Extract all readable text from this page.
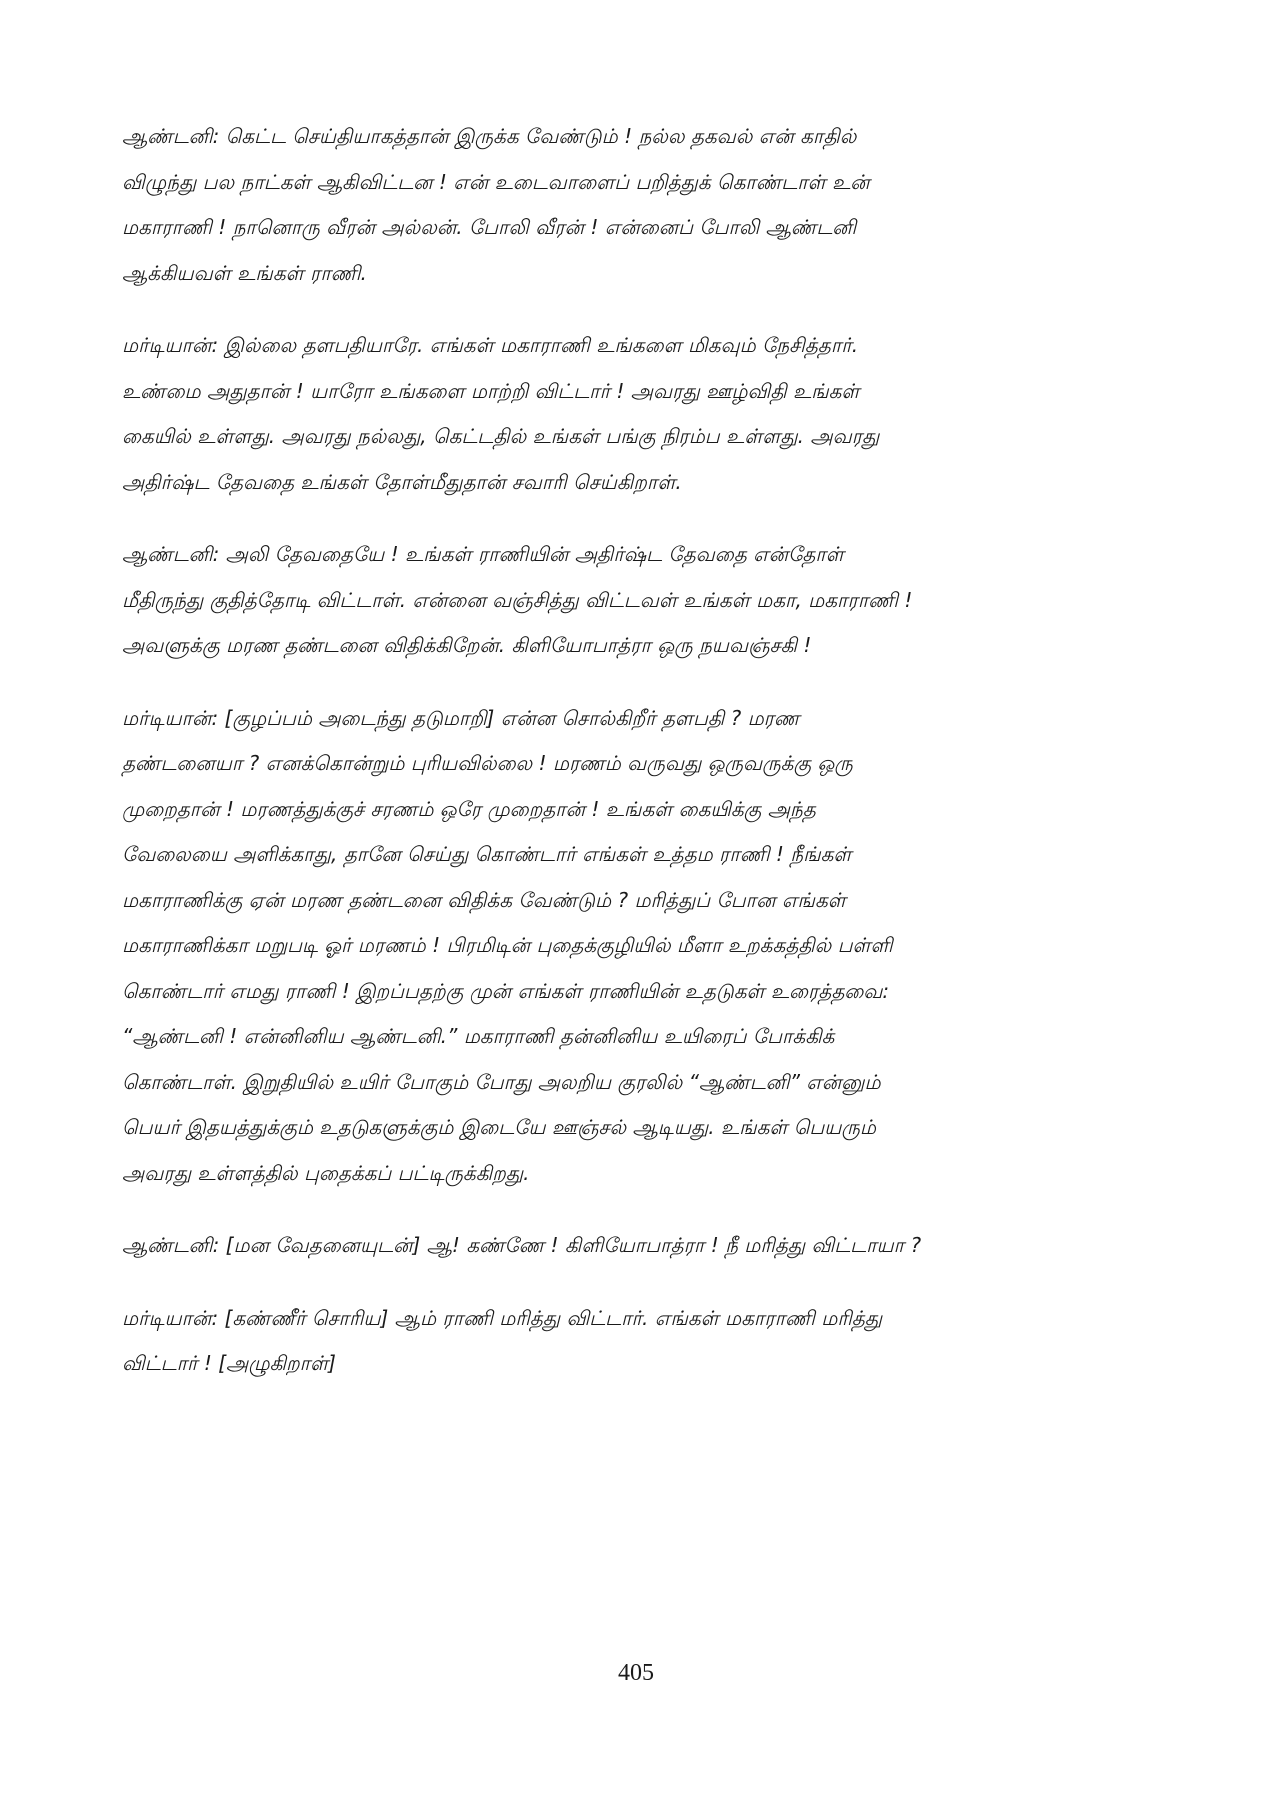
ஆண்டனி: கெட்ட செய்தியாகத்தான் இருக்க வேண்டும் ! நல்ல தகவல் என் காதில்
விழுந்து பல நாட்கள் ஆகிவிட்டன ! என் உடைவாளைப் பறித்துக் கொண்டாள் உன்
மகாராணி ! நானொரு வீரன் அல்லன். போலி வீரன் ! என்னைப் போலி ஆண்டனி
ஆக்கியவள் உங்கள் ராணி.

மர்டியான்: இல்லை தளபதியாரே. எங்கள் மகாராணி உங்களை மிகவும் நேசித்தார்.
உண்மை அதுதான் ! யாரோ உங்களை மாற்றி விட்டார் ! அவரது ஊழ்விதி உங்கள்
கையில் உள்ளது. அவரது நல்லது, கெட்டதில் உங்கள் பங்கு நிரம்ப உள்ளது. அவரது
அதிர்ஷ்ட தேவதை உங்கள் தோள்மீதுதான் சவாரி செய்கிறாள்.

ஆண்டனி: அலி தேவதையே ! உங்கள் ராணியின் அதிர்ஷ்ட தேவதை என்தோள்
மீதிருந்து குதித்தோடி விட்டாள். என்னை வஞ்சித்து விட்டவள் உங்கள் மகா, மகாராணி !
அவளுக்கு மரண தண்டனை விதிக்கிறேன். கிளியோபாத்ரா ஒரு நயவஞ்சகி !

மர்டியான்: [குழப்பம் அடைந்து தடுமாறி] என்ன சொல்கிறீர் தளபதி ? மரண
தண்டனையா ? எனக்கொன்றும் புரியவில்லை ! மரணம் வருவது ஒருவருக்கு ஒரு
முறைதான் ! மரணத்துக்குச் சரணம் ஒரே முறைதான் ! உங்கள் கையிக்கு அந்த
வேலையை அளிக்காது, தானே செய்து கொண்டார் எங்கள் உத்தம ராணி ! நீங்கள்
மகாராணிக்கு ஏன் மரண தண்டனை விதிக்க வேண்டும் ? மரித்துப் போன எங்கள்
மகாராணிக்கா மறுபடி ஓர் மரணம் ! பிரமிடின் புதைக்குழியில் மீளா உறக்கத்தில் பள்ளி
கொண்டார் எமது ராணி ! இறப்பதற்கு முன் எங்கள் ராணியின் உதடுகள் உரைத்தவை:
“ஆண்டனி ! என்னினிய ஆண்டனி.” மகாராணி தன்னினிய உயிரைப் போக்கிக்
கொண்டாள். இறுதியில் உயிர் போகும் போது அலறிய குரலில் “ஆண்டனி” என்னும்
பெயர் இதயத்துக்கும் உதடுகளுக்கும் இடையே ஊஞ்சல் ஆடியது. உங்கள் பெயரும்
அவரது உள்ளத்தில் புதைக்கப் பட்டிருக்கிறது.

ஆண்டனி: [மன வேதனையுடன்] ஆ! கண்ணே ! கிளியோபாத்ரா ! நீ மரித்து விட்டாயா ?

மர்டியான்: [கண்ணீர் சொரிய] ஆம் ராணி மரித்து விட்டார். எங்கள் மகாராணி மரித்து
விட்டார் ! [அழுகிறாள்]

405
